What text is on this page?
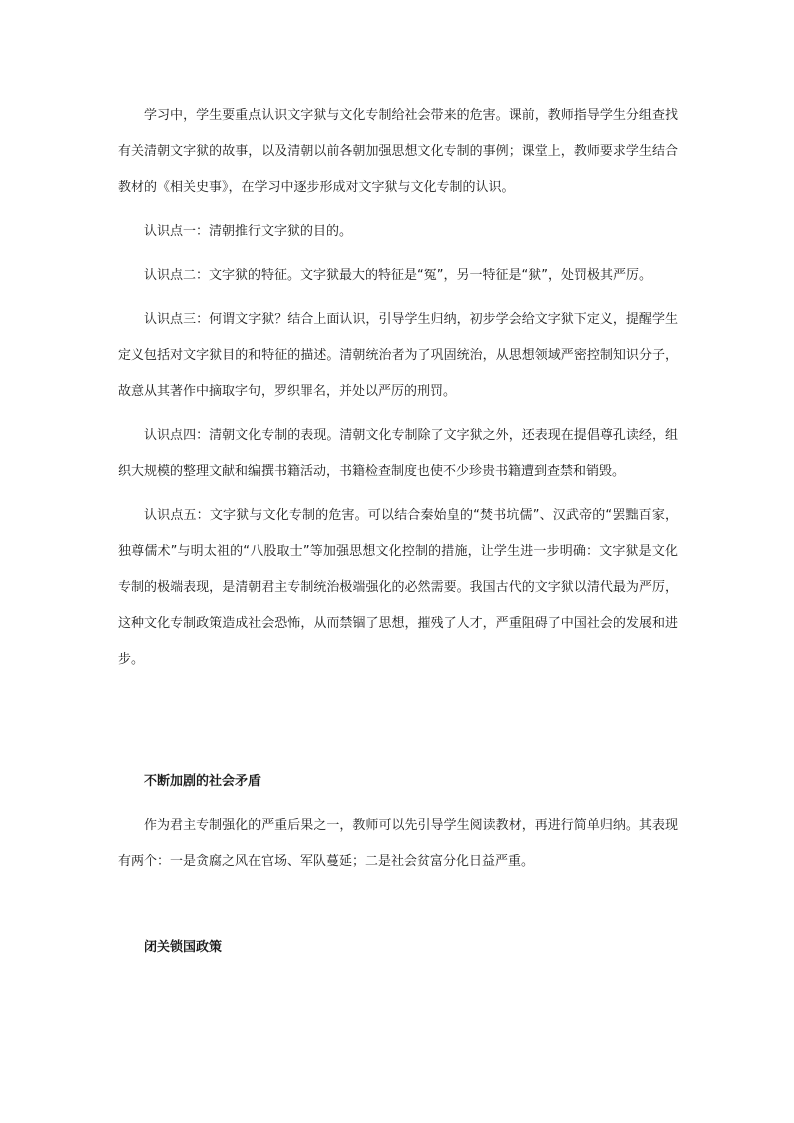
学习中，学生要重点认识文字狱与文化专制给社会带来的危害。课前，教师指导学生分组查找有关清朝文字狱的故事，以及清朝以前各朝加强思想文化专制的事例；课堂上，教师要求学生结合教材的《相关史事》，在学习中逐步形成对文字狱与文化专制的认识。

认识点一：清朝推行文字狱的目的。

认识点二：文字狱的特征。文字狱最大的特征是“冤”，另一特征是“狱”，处罚极其严厉。

认识点三：何谓文字狱？结合上面认识，引导学生归纳，初步学会给文字狱下定义，提醒学生定义包括对文字狱目的和特征的描述。清朝统治者为了巩固统治，从思想领域严密控制知识分子，故意从其著作中摘取字句，罗织罪名，并处以严厉的刑罚。

认识点四：清朝文化专制的表现。清朝文化专制除了文字狱之外，还表现在提倡尊孔读经，组织大规模的整理文献和编撰书籍活动，书籍检查制度也使不少珍贵书籍遭到查禁和销毁。

认识点五：文字狱与文化专制的危害。可以结合秦始皇的“焚书坑儒”、汉武帝的“罢黜百家，独尊儒术”与明太祖的“八股取士”等加强思想文化控制的措施，让学生进一步明确：文字狱是文化专制的极端表现，是清朝君主专制统治极端强化的必然需要。我国古代的文字狱以清代最为严厉，这种文化专制政策造成社会恐怖，从而禁锢了思想，摧残了人才，严重阻碍了中国社会的发展和进步。

不断加剧的社会矛盾

作为君主专制强化的严重后果之一，教师可以先引导学生阅读教材，再进行简单归纳。其表现有两个：一是贪腐之风在官场、军队蔓延；二是社会贫富分化日益严重。

闭关锁国政策
